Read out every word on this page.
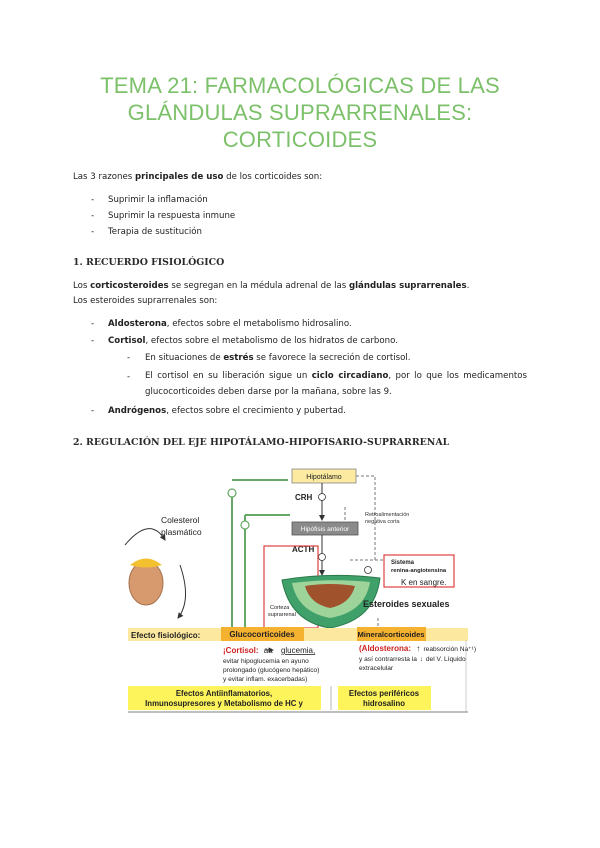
TEMA 21: FARMACOLÓGICAS DE LAS
GLÁNDULAS SUPRARRENALES:
CORTICOIDES
Las 3 razones principales de uso de los corticoides son:
- Suprimir la inflamación
- Suprimir la respuesta inmune
- Terapia de sustitución
1. RECUERDO FISIOLÓGICO
Los corticosteroides se segregan en la médula adrenal de las glándulas suprarrenales.
Los esteroides suprarrenales son:
- Aldosterona, efectos sobre el metabolismo hidrosalino.
- Cortisol, efectos sobre el metabolismo de los hidratos de carbono.
- En situaciones de estrés se favorece la secreción de cortisol.
- El cortisol en su liberación sigue un ciclo circadiano, por lo que los medicamentos glucocorticoides deben darse por la mañana, sobre las 9.
- Andrógenos, efectos sobre el crecimiento y pubertad.
2. REGULACIÓN DEL EJE HIPOTÁLAMO-HIPOFISARIO-SUPRARRENAL
Hipotálamo
CRH
Retroalimentación
negativa corta
Hipófisis anterior
ACTH
Sistema
renina-angiotensina
K en sangre.
Esteroides sexuales
Corteza
suprarrenal
Colesterol
plasmático
Efecto fisiológico:	Glucocorticoides	Mineralcorticoides
¡Cortisol: aa glucemia,
evitar hipoglucemia en ayuno
prolongado (glucógeno hepático)
y evitar inflam. exacerbadas)
(Aldosterona: ↑ reabsorción Na⁺¹)
y así contrarresta la ↓ del V. Líquido
extracelular
Efectos Antiinflamatorios,
Inmunosupresores y Metabolismo de HC y
Efectos periféricos
hidrosalino
